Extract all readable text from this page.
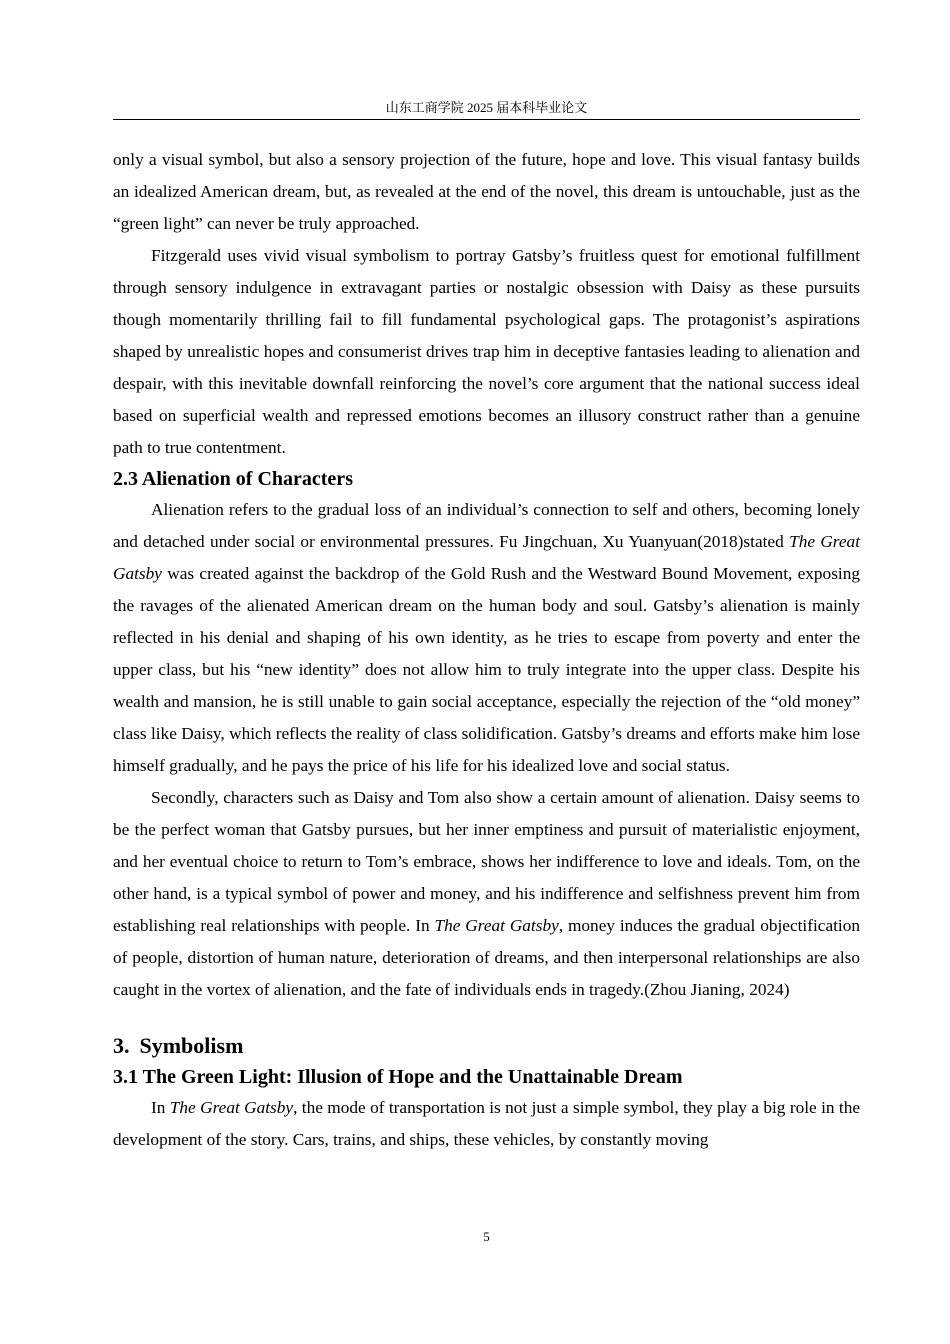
山东工商学院 2025 届本科毕业论文

only a visual symbol, but also a sensory projection of the future, hope and love. This visual fantasy builds an idealized American dream, but, as revealed at the end of the novel, this dream is untouchable, just as the “green light” can never be truly approached.

Fitzgerald uses vivid visual symbolism to portray Gatsby’s fruitless quest for emotional fulfillment through sensory indulgence in extravagant parties or nostalgic obsession with Daisy as these pursuits though momentarily thrilling fail to fill fundamental psychological gaps. The protagonist’s aspirations shaped by unrealistic hopes and consumerist drives trap him in deceptive fantasies leading to alienation and despair, with this inevitable downfall reinforcing the novel’s core argument that the national success ideal based on superficial wealth and repressed emotions becomes an illusory construct rather than a genuine path to true contentment.

2.3 Alienation of Characters

Alienation refers to the gradual loss of an individual’s connection to self and others, becoming lonely and detached under social or environmental pressures. Fu Jingchuan, Xu Yuanyuan(2018)stated The Great Gatsby was created against the backdrop of the Gold Rush and the Westward Bound Movement, exposing the ravages of the alienated American dream on the human body and soul. Gatsby’s alienation is mainly reflected in his denial and shaping of his own identity, as he tries to escape from poverty and enter the upper class, but his “new identity” does not allow him to truly integrate into the upper class. Despite his wealth and mansion, he is still unable to gain social acceptance, especially the rejection of the “old money” class like Daisy, which reflects the reality of class solidification. Gatsby’s dreams and efforts make him lose himself gradually, and he pays the price of his life for his idealized love and social status.

Secondly, characters such as Daisy and Tom also show a certain amount of alienation. Daisy seems to be the perfect woman that Gatsby pursues, but her inner emptiness and pursuit of materialistic enjoyment, and her eventual choice to return to Tom’s embrace, shows her indifference to love and ideals. Tom, on the other hand, is a typical symbol of power and money, and his indifference and selfishness prevent him from establishing real relationships with people. In The Great Gatsby, money induces the gradual objectification of people, distortion of human nature, deterioration of dreams, and then interpersonal relationships are also caught in the vortex of alienation, and the fate of individuals ends in tragedy.(Zhou Jianing, 2024)

3. Symbolism
3.1 The Green Light: Illusion of Hope and the Unattainable Dream

In The Great Gatsby, the mode of transportation is not just a simple symbol, they play a big role in the development of the story. Cars, trains, and ships, these vehicles, by constantly moving

5
